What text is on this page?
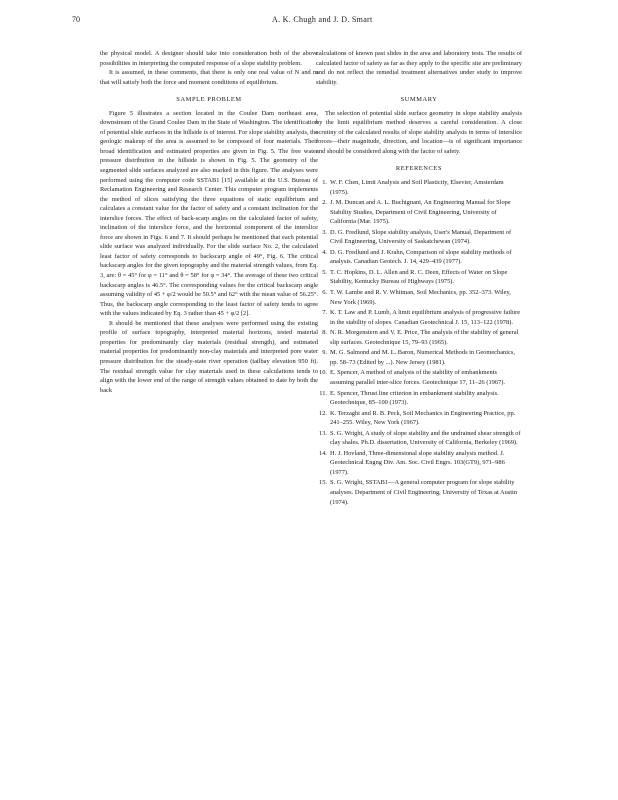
70	A. K. Chugh and J. D. Smart

the physical model. A designer should take into consideration both of the above possibilities in interpreting the computed response of a slope stability problem.

It is assumed, in these comments, that there is only one real value of N and m that will satisfy both the force and moment conditions of equilibrium.

SAMPLE PROBLEM

Figure 5 illustrates a section located in the Coulee Dam northeast area, downstream of the Grand Coulee Dam in the State of Washington. The identification of potential slide surfaces in the hillside is of interest. For slope stability analysis, the geologic makeup of the area is assumed to be composed of four materials. Their broad identification and estimated properties are given in Fig. 5. The free water pressure distribution in the hillside is shown in Fig. 5. The geometry of the segmented slide surfaces analyzed are also marked in this figure. The analyses were performed using the computer code SSTAB1 [15] available at the U.S. Bureau of Reclamation Engineering and Research Center. This computer program implements the method of slices satisfying the three equations of static equilibrium and calculates a constant value for the factor of safety and a constant inclination for the interslice forces. The effect of back-scarp angles on the calculated factor of safety, inclination of the interslice force, and the horizontal component of the interslice force are shown in Figs. 6 and 7. It should perhaps be mentioned that each potential slide surface was analyzed individually. For the slide surface No. 2, the calculated least factor of safety corresponds to backscarp angle of 49°, Fig. 6. The critical backscarp angles for the given topography and the material strength values, from Eq. 3, are: θ = 45° for φ = 11° and θ = 58° for φ = 34°. The average of these two critical backscarp angles is 46.5°. The corresponding values for the critical backscarp angle assuming validity of 45 + φ/2 would be 50.5° and 62° with the mean value of 56.25°. Thus, the backscarp angle corresponding to the least factor of safety tends to agree with the values indicated by Eq. 3 rather than 45 + φ/2 [2].

It should be mentioned that these analyses were performed using the existing profile of surface topography, interpreted material horizons, tested material properties for predominantly clay materials (residual strength), and estimated material properties for predominantly non-clay materials and interpreted pore water pressure distribution for the steady-state river operation (tailbay elevation 950 ft). The residual strength value for clay materials used in these calculations tends to align with the lower end of the range of strength values obtained to date by both the back

calculations of known past slides in the area and laboratory tests. The results of calculated factor of safety as far as they apply to the specific site are preliminary and do not reflect the remedial treatment alternatives under study to improve stability.

SUMMARY

The selection of potential slide surface geometry in slope stability analysis by the limit equilibrium method deserves a careful consideration. A close scrutiny of the calculated results of slope stability analysis in terms of interslice forces—their magnitude, direction, and location—is of significant importance and should be considered along with the factor of safety.

REFERENCES
1. W. F. Chen, Limit Analysis and Soil Plasticity, Elsevier, Amsterdam (1975).
2. J. M. Duncan and A. L. Buchignani, An Engineering Manual for Slope Stability Studies, Department of Civil Engineering, University of California (Mar. 1975).
3. D. G. Fredlund, Slope stability analysis, User's Manual, Department of Civil Engineering, University of Saskatchewan (1974).
4. D. G. Fredlund and J. Krahn, Comparison of slope stability methods of analysis. Canadian Geotech. J. 14, 429–439 (1977).
5. T. C. Hopkins, D. L. Allen and R. C. Deen, Effects of Water on Slope Stability, Kentucky Bureau of Highways (1975).
6. T. W. Lambe and R. V. Whitman, Soil Mechanics, pp. 352–373. Wiley, New York (1969).
7. K. T. Law and P. Lumb, A limit equilibrium analysis of progressive failure in the stability of slopes. Canadian Geotechnical J. 15, 113–122 (1978).
8. N. R. Morgenstern and V. E. Price, The analysis of the stability of general slip surfaces. Geotechnique 15, 79–93 (1965).
9. M. G. Salmond and M. L. Baron, Numerical Methods in Geomechanics, pp. 58–73 (Edited by ...). New Jersey (1981).
10. E. Spencer, A method of analysis of the stability of embankments assuming parallel inter-slice forces. Geotechnique 17, 11–26 (1967).
11. E. Spencer, Thrust line criterion in embankment stability analysis. Geotechnique, 85–100 (1973).
12. K. Terzaghi and R. B. Peck, Soil Mechanics in Engineering Practice, pp. 241–255. Wiley, New York (1967).
13. S. G. Wright, A study of slope stability and the undrained shear strength of clay shales. Ph.D. dissertation, University of California, Berkeley (1969).
14. H. J. Hovland, Three-dimensional slope stability analysis method. J. Geotechnical Engng Div. Am. Soc. Civil Engrs. 103(GT9), 971–986 (1977).
15. S. G. Wright, SSTAB1—A general computer program for slope stability analyses. Department of Civil Engineering, University of Texas at Austin (1974).
